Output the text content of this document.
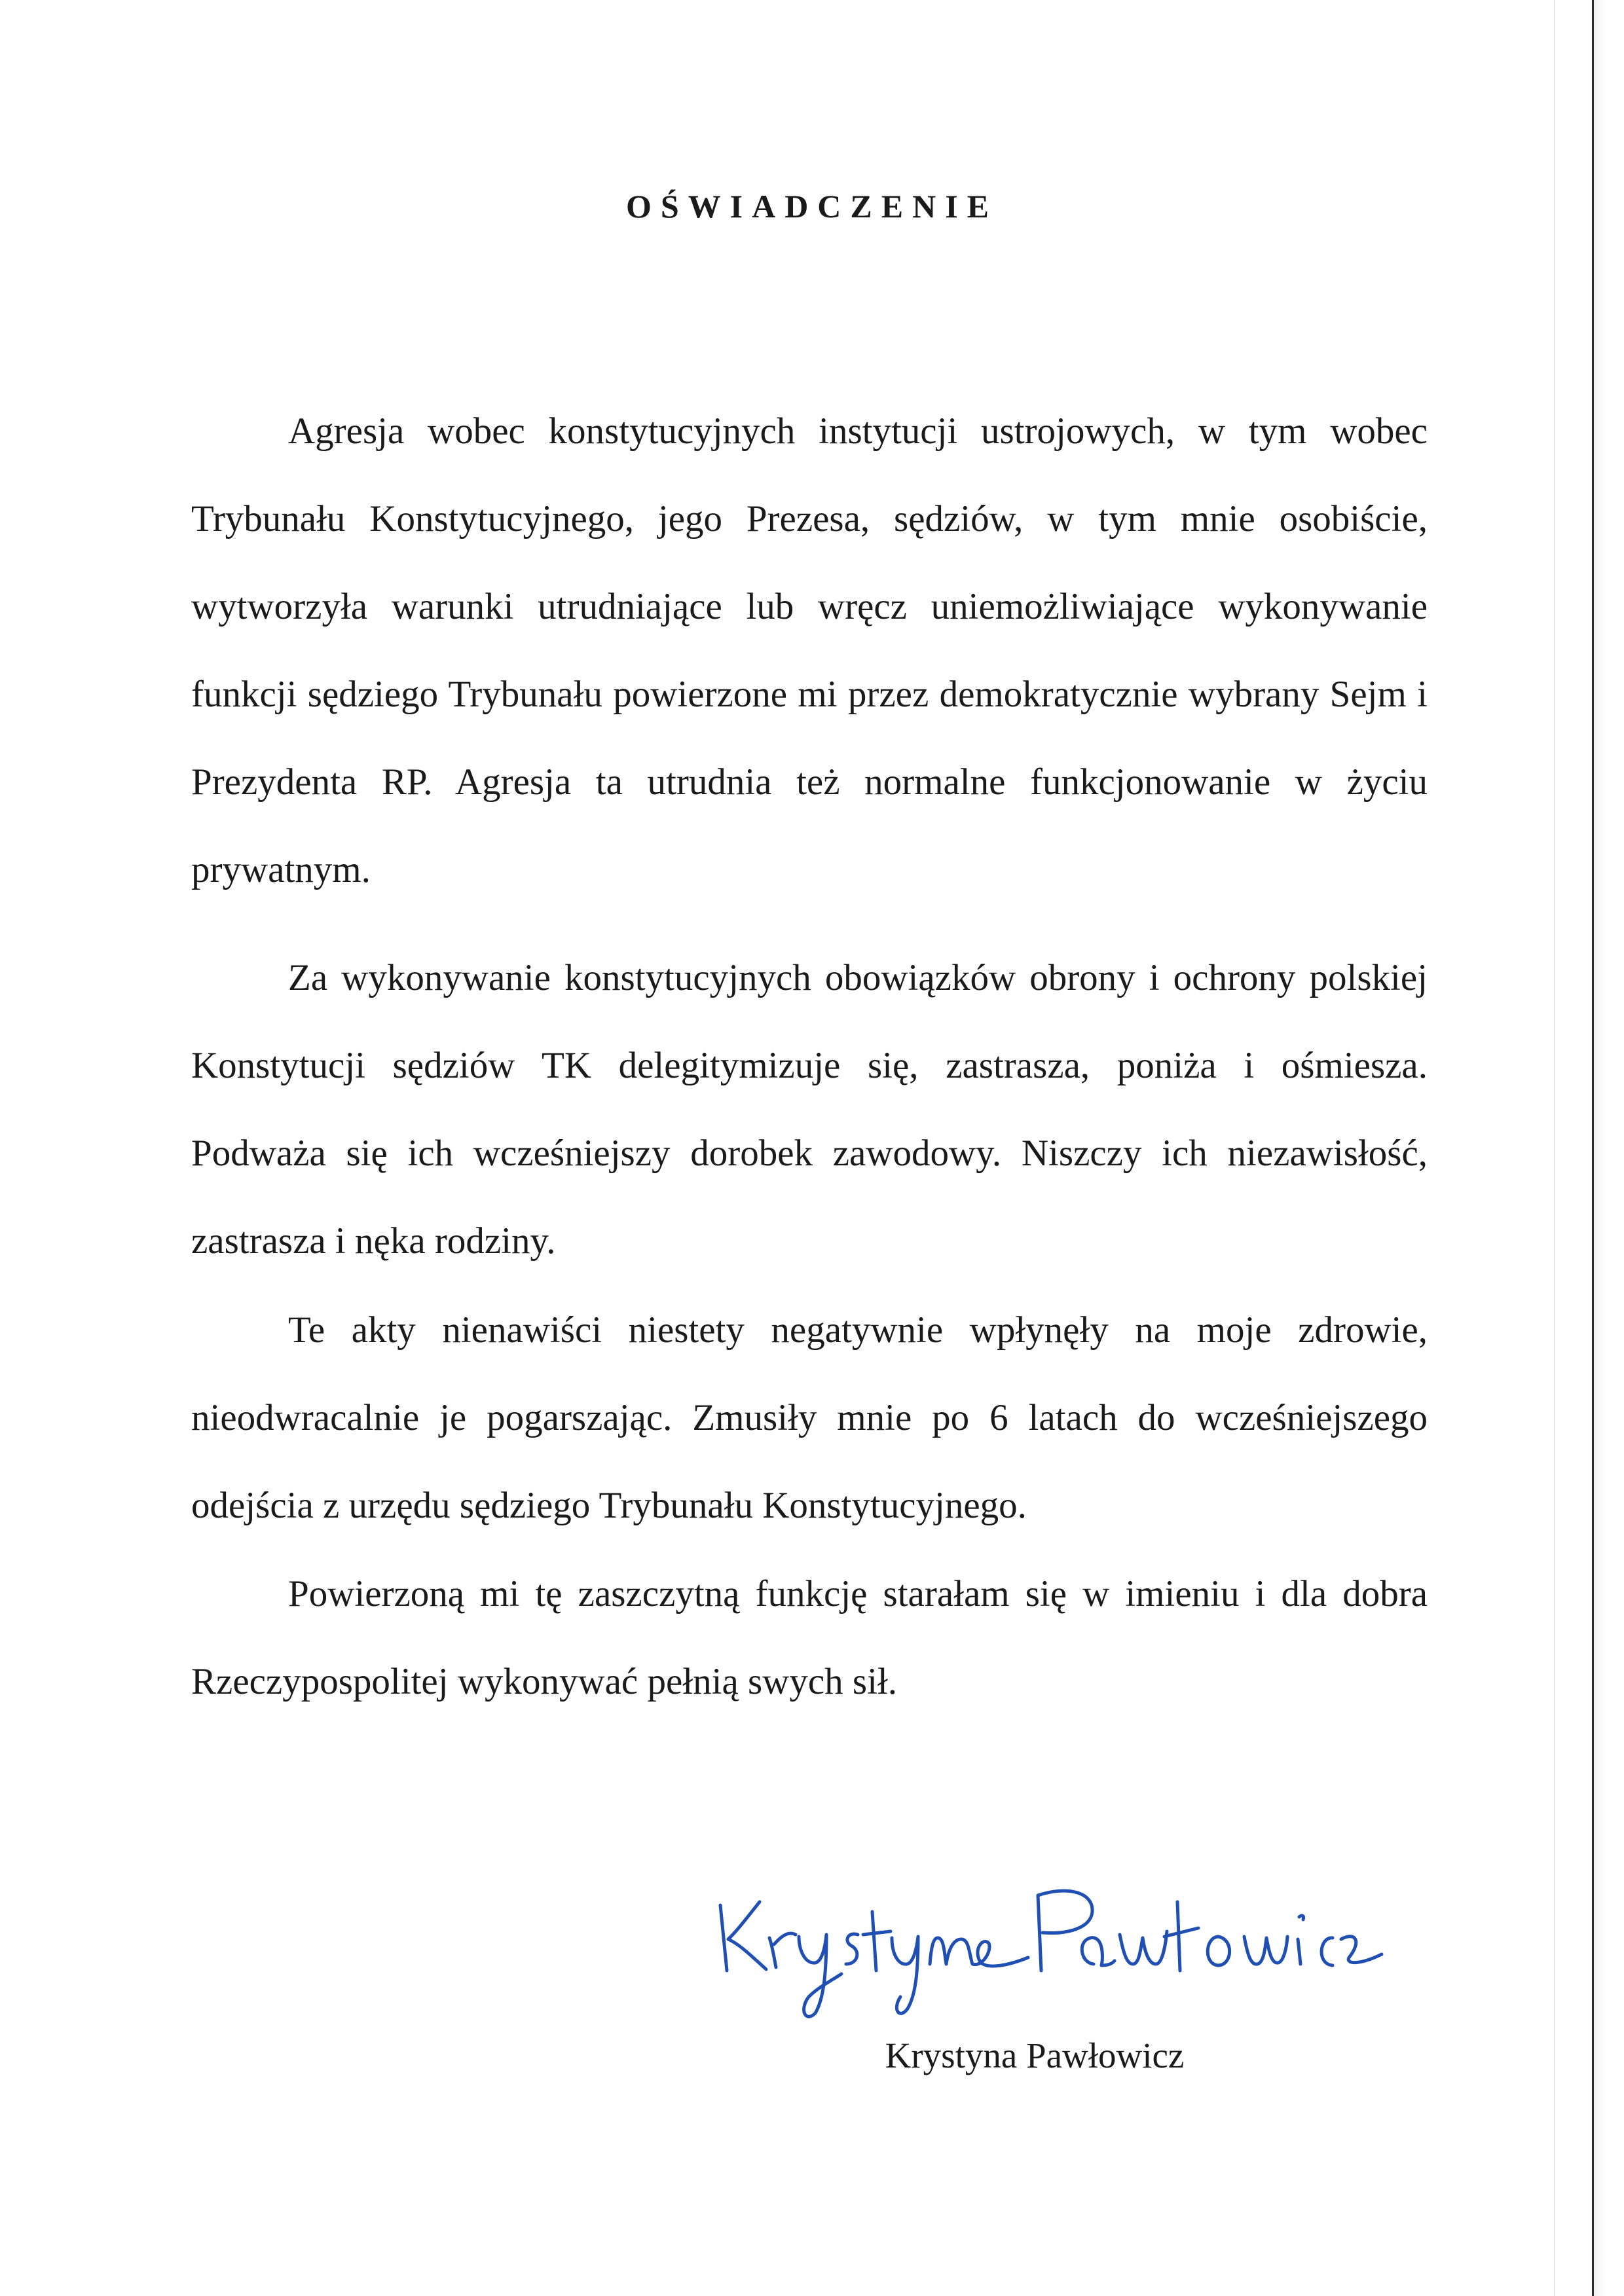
OŚWIADCZENIE

Agresja wobec konstytucyjnych instytucji ustrojowych, w tym wobec Trybunału Konstytucyjnego, jego Prezesa, sędziów, w tym mnie osobiście, wytworzyła warunki utrudniające lub wręcz uniemożliwiające wykonywanie funkcji sędziego Trybunału powierzone mi przez demokratycznie wybrany Sejm i Prezydenta RP. Agresja ta utrudnia też normalne funkcjonowanie w życiu prywatnym.

Za wykonywanie konstytucyjnych obowiązków obrony i ochrony polskiej Konstytucji sędziów TK delegitymizuje się, zastrasza, poniża i ośmiesza. Podważa się ich wcześniejszy dorobek zawodowy. Niszczy ich niezawisłość, zastrasza i nęka rodziny.

Te akty nienawiści niestety negatywnie wpłynęły na moje zdrowie, nieodwracalnie je pogarszając. Zmusiły mnie po 6 latach do wcześniejszego odejścia z urzędu sędziego Trybunału Konstytucyjnego.

Powierzoną mi tę zaszczytną funkcję starałam się w imieniu i dla dobra Rzeczypospolitej wykonywać pełnią swych sił.

Krystyna Pawłowicz
